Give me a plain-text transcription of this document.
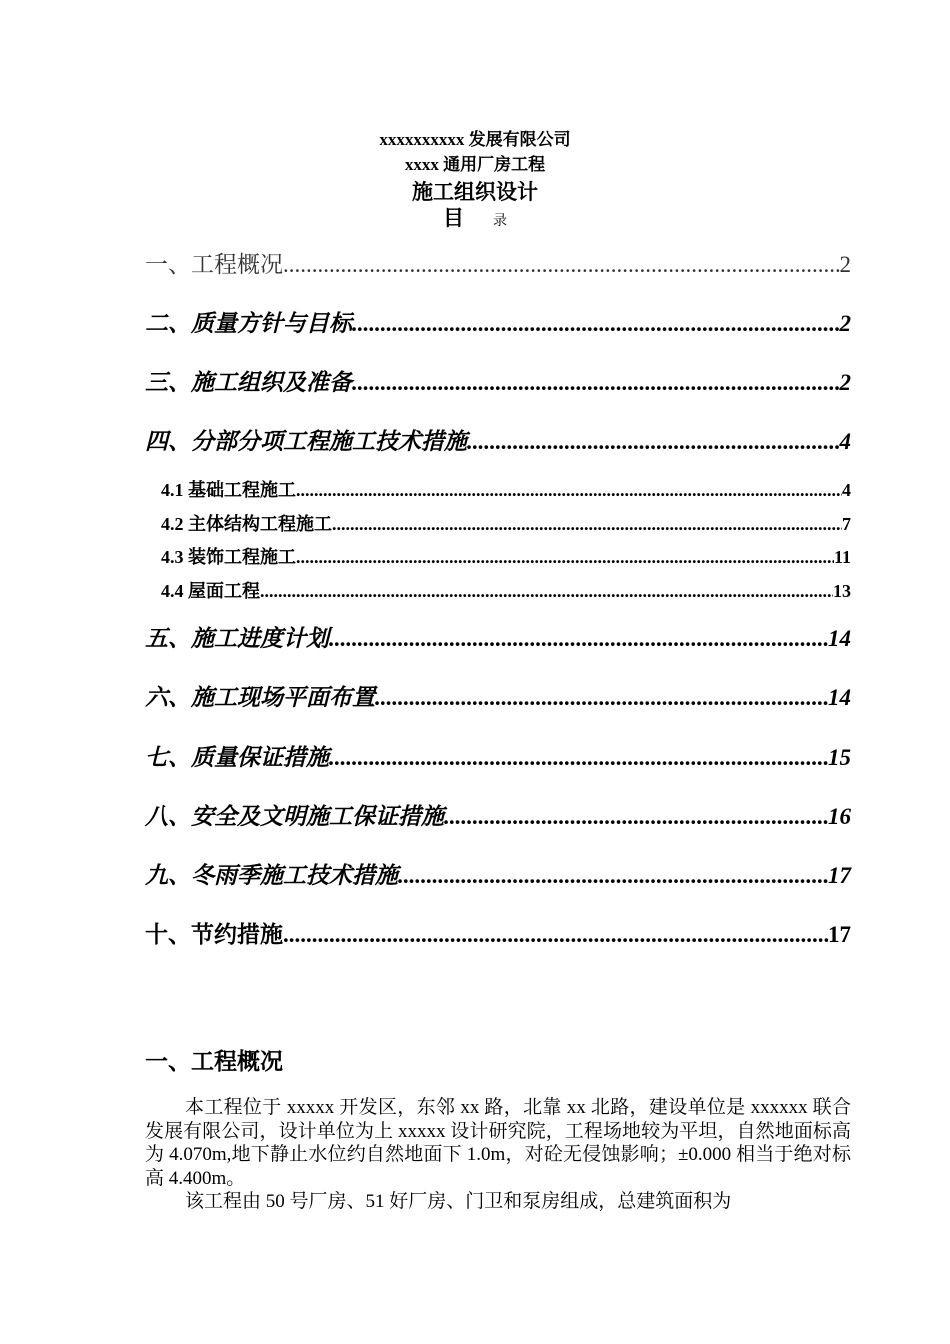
xxxxxxxxxx 发展有限公司
xxxx 通用厂房工程
施工组织设计
目 录
一、工程概况 .....	2
二、质量方针与目标 .....	2
三、施工组织及准备 .....	2
四、分部分项工程施工技术措施 .....	4
4.1 基础工程施工 .....	4
4.2 主体结构工程施工 .....	7
4.3 装饰工程施工 .....	11
4.4 屋面工程 .....	13
五、施工进度计划 .....	14
六、施工现场平面布置 .....	14
七、质量保证措施 .....	15
八、安全及文明施工保证措施 .....	16
九、冬雨季施工技术措施 .....	17
十、节约措施 .....	17
一、工程概况

本工程位于 xxxxx 开发区，东邻 xx 路，北靠 xx 北路，建设单位是 xxxxxx 联合发展有限公司，设计单位为上 xxxxx 设计研究院，工程场地较为平坦，自然地面标高为 4.070m,地下静止水位约自然地面下 1.0m，对砼无侵蚀影响；±0.000 相当于绝对标高 4.400m。

该工程由 50 号厂房、51 好厂房、门卫和泵房组成，总建筑面积为
